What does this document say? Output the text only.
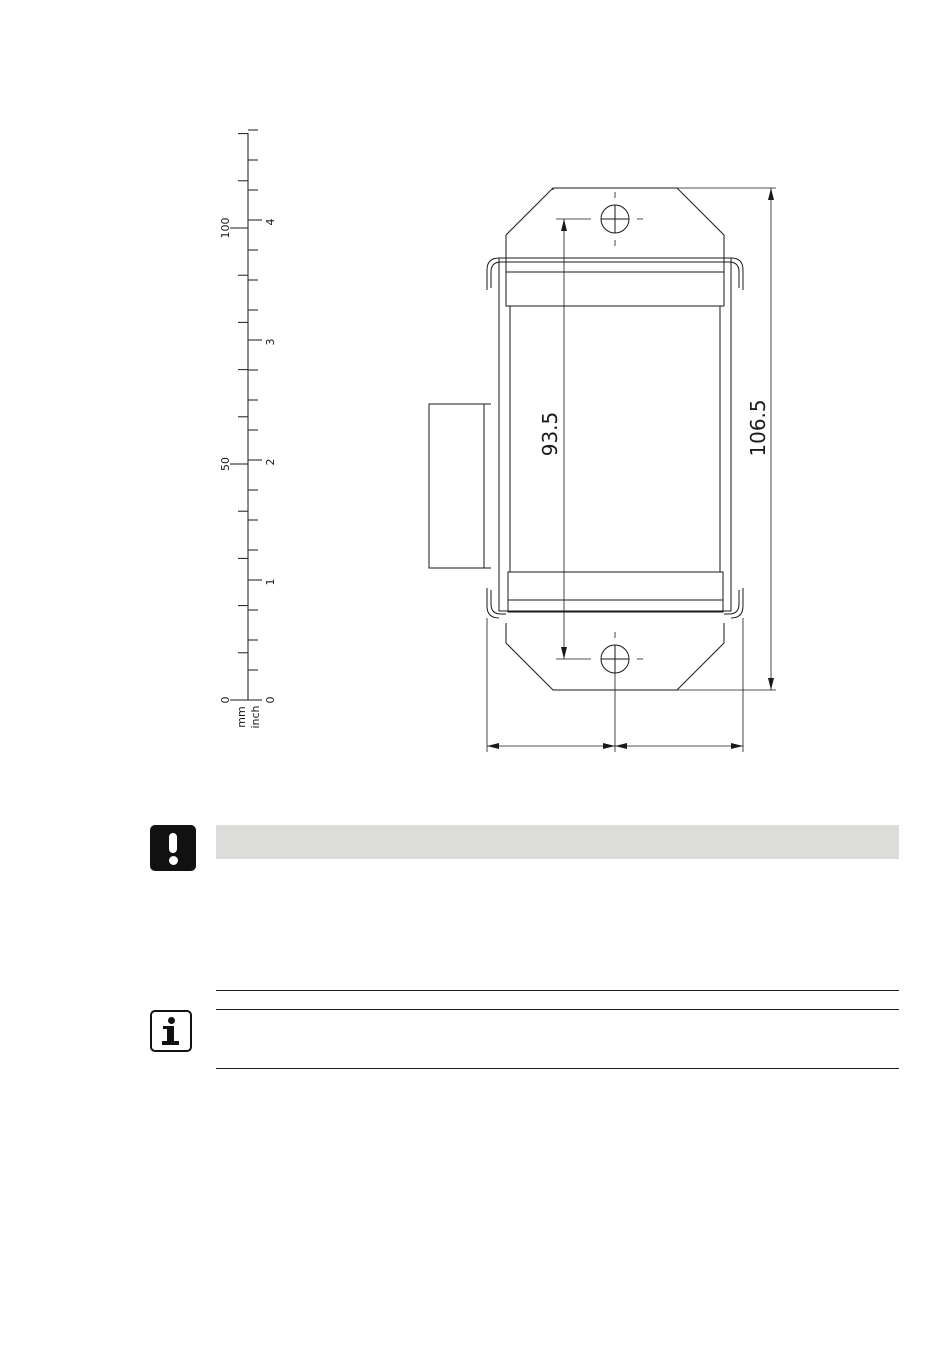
0
50
100
0
1
2
3
4
mm inch
93.5	106.5
